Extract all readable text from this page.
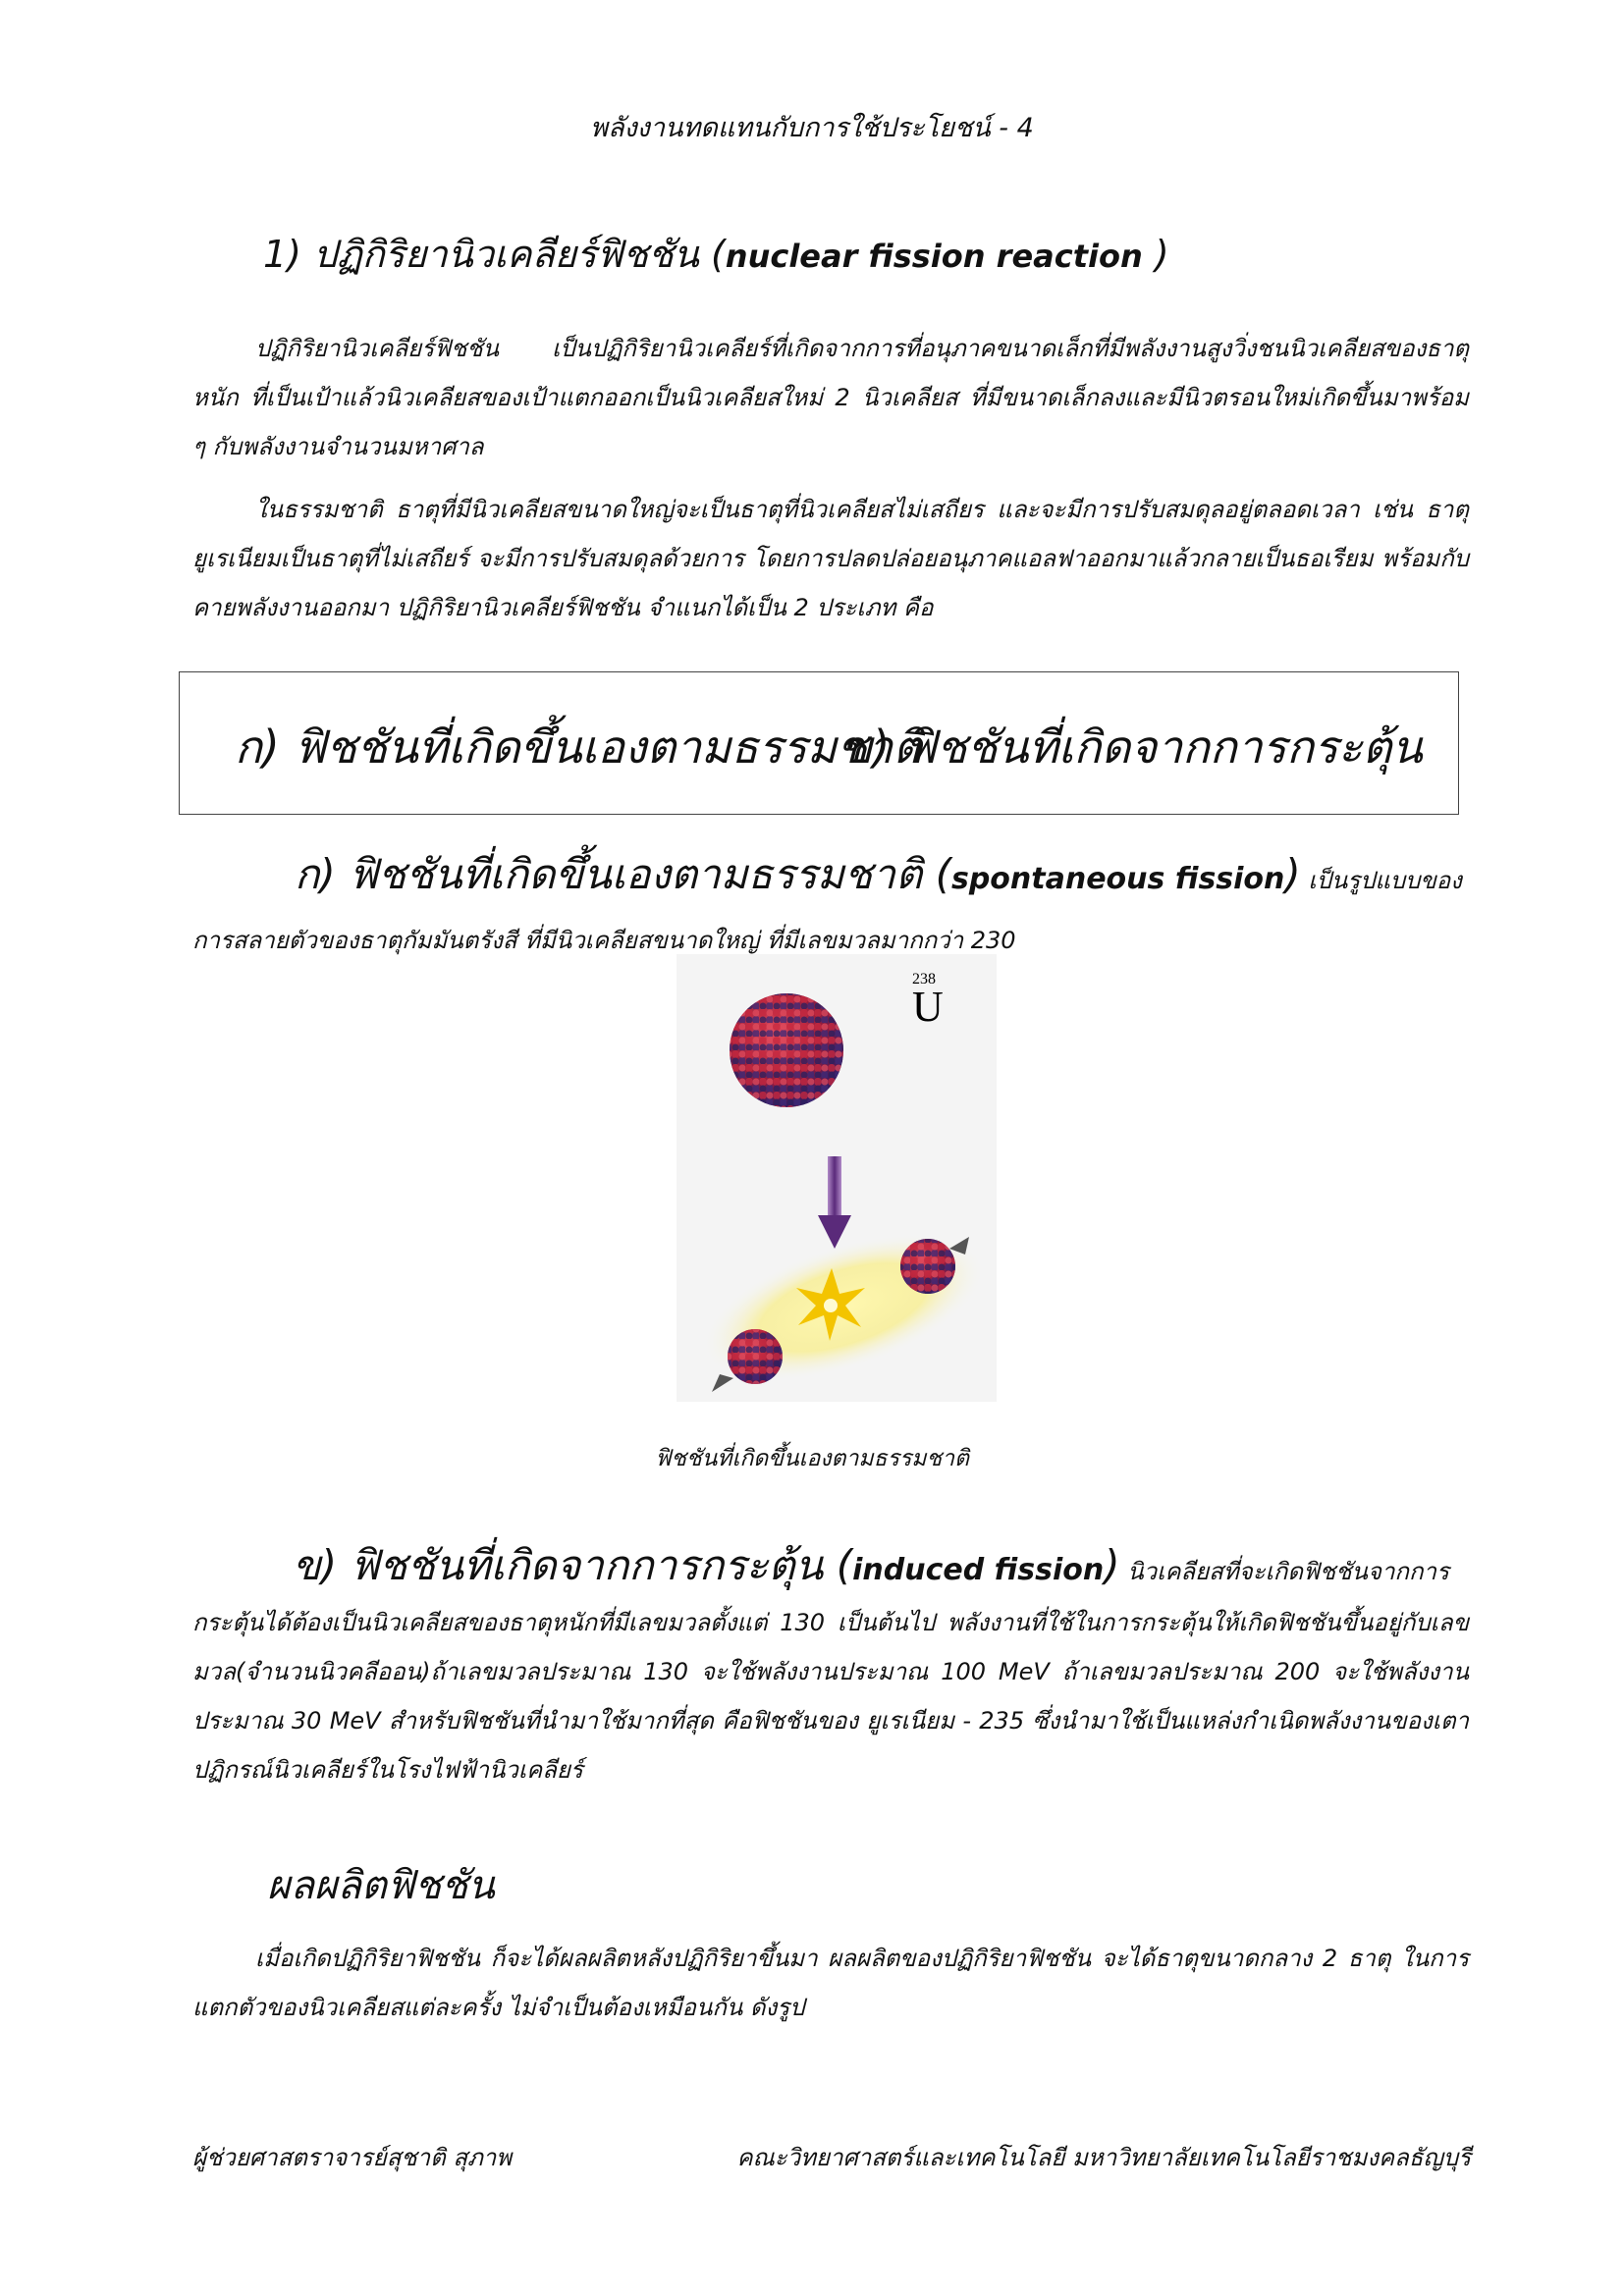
พลังงานทดแทนกับการใช้ประโยชน์ - 4
1) ปฏิกิริยานิวเคลียร์ฟิชชัน (nuclear fission reaction )
ปฏิกิริยานิวเคลียร์ฟิชชัน เป็นปฏิกิริยานิวเคลียร์ที่เกิดจากการที่อนุภาคขนาดเล็กที่มีพลังงานสูงวิ่งชนนิวเคลียสของธาตุหนัก ที่เป็นเป้าแล้วนิวเคลียสของเป้าแตกออกเป็นนิวเคลียสใหม่ 2 นิวเคลียส ที่มีขนาดเล็กลงและมีนิวตรอนใหม่เกิดขึ้นมาพร้อม ๆ กับพลังงานจำนวนมหาศาล
ในธรรมชาติ ธาตุที่มีนิวเคลียสขนาดใหญ่จะเป็นธาตุที่นิวเคลียสไม่เสถียร และจะมีการปรับสมดุลอยู่ตลอดเวลา เช่น ธาตุยูเรเนียมเป็นธาตุที่ไม่เสถียร์ จะมีการปรับสมดุลด้วยการ โดยการปลดปล่อยอนุภาคแอลฟาออกมาแล้วกลายเป็นธอเรียม พร้อมกับคายพลังงานออกมา ปฏิกิริยานิวเคลียร์ฟิชชัน จำแนกได้เป็น 2 ประเภท คือ
ก) ฟิชชันที่เกิดขึ้นเองตามธรรมชาติ
ข) ฟิชชันที่เกิดจากการกระตุ้น
ก) ฟิชชันที่เกิดขึ้นเองตามธรรมชาติ (spontaneous fission) เป็นรูปแบบของ
การสลายตัวของธาตุกัมมันตรังสี ที่มีนิวเคลียสขนาดใหญ่ ที่มีเลขมวลมากกว่า 230
238
U
ฟิชชันที่เกิดขึ้นเองตามธรรมชาติ
ข) ฟิชชันที่เกิดจากการกระตุ้น (induced fission) นิวเคลียสที่จะเกิดฟิชชันจากการ
กระตุ้นได้ต้องเป็นนิวเคลียสของธาตุหนักที่มีเลขมวลตั้งแต่ 130 เป็นต้นไป พลังงานที่ใช้ในการกระตุ้นให้เกิดฟิชชันขึ้นอยู่กับเลขมวล(จำนวนนิวคลีออน)ถ้าเลขมวลประมาณ 130 จะใช้พลังงานประมาณ 100 MeV ถ้าเลขมวลประมาณ 200 จะใช้พลังงานประมาณ 30 MeV สำหรับฟิชชันที่นำมาใช้มากที่สุด คือฟิชชันของ ยูเรเนียม - 235 ซึ่งนำมาใช้เป็นแหล่งกำเนิดพลังงานของเตาปฏิกรณ์นิวเคลียร์ในโรงไฟฟ้านิวเคลียร์
ผลผลิตฟิชชัน
เมื่อเกิดปฏิกิริยาฟิชชัน ก็จะได้ผลผลิตหลังปฏิกิริยาขึ้นมา ผลผลิตของปฏิกิริยาฟิชชัน จะได้ธาตุขนาดกลาง 2 ธาตุ ในการแตกตัวของนิวเคลียสแต่ละครั้ง ไม่จำเป็นต้องเหมือนกัน ดังรูป
ผู้ช่วยศาสตราจารย์สุชาติ สุภาพ	คณะวิทยาศาสตร์และเทคโนโลยี มหาวิทยาลัยเทคโนโลยีราชมงคลธัญบุรี
